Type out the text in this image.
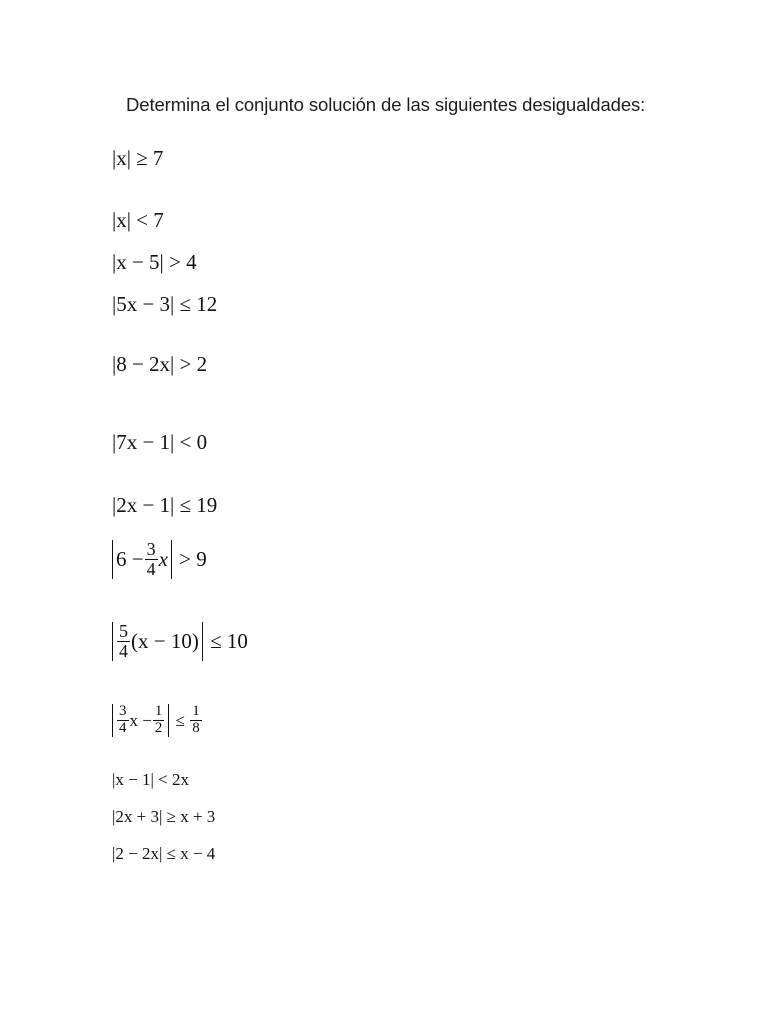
Determina el conjunto solución de las siguientes desigualdades:
|x| ≥ 7
|x| < 7
|x − 5| > 4
|5x − 3| ≤ 12
|8 − 2x| > 2
|7x − 1| < 0
|2x − 1| ≤ 19
$6 - \frac{3}{4}$ x > 9
$\frac{5}{4} (x - 10) \le 10$
$\frac{3}{4}$ $x - \frac{1}{2} \le \frac{1}{8}$
|x − 1| < 2x
|2x + 3| ≥ x + 3
|2 − 2x| ≤ x − 4
